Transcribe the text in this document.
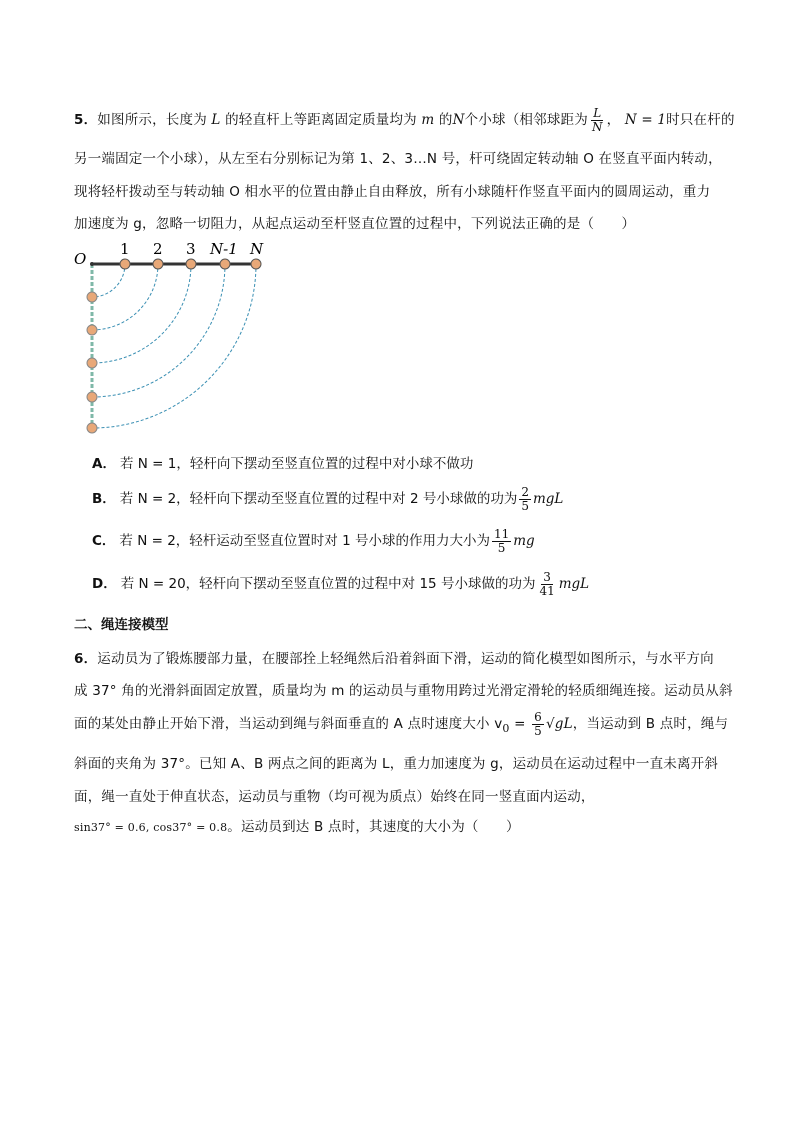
5．如图所示，长度为 L 的轻直杆上等距离固定质量均为 m 的N个小球（相邻球距为 $\frac{L}{N}$ ， N = 1时只在杆的
另一端固定一个小球），从左至右分别标记为第 1、2、3…N 号，杆可绕固定转动轴 O 在竖直平面内转动，
现将轻杆拨动至与转动轴 O 相水平的位置由静止自由释放，所有小球随杆作竖直平面内的圆周运动，重力
加速度为 g，忽略一切阻力，从起点运动至杆竖直位置的过程中，下列说法正确的是（　　）
O
1 2 3 N-1 N
A． 若 N = 1，轻杆向下摆动至竖直位置的过程中对小球不做功
B． 若 N = 2，轻杆向下摆动至竖直位置的过程中对 2 号小球做的功为 $\frac{2}{5}$ mgL
C． 若 N = 2，轻杆运动至竖直位置时对 1 号小球的作用力大小为 $\frac{11}{5}$ mg
D． 若 N = 20，轻杆向下摆动至竖直位置的过程中对 15 号小球做的功为 $\frac{3}{41}$ mgL
二、绳连接模型
6．运动员为了锻炼腰部力量，在腰部拴上轻绳然后沿着斜面下滑，运动的简化模型如图所示，与水平方向
成 37° 角的光滑斜面固定放置，质量均为 m 的运动员与重物用跨过光滑定滑轮的轻质细绳连接。运动员从斜
面的某处由静止开始下滑，当运动到绳与斜面垂直的 A 点时速度大小 $v_0 = \frac{6}{5} √gL$，当运动到 B 点时，绳与
斜面的夹角为 37°。已知 A、B 两点之间的距离为 L，重力加速度为 g，运动员在运动过程中一直未离开斜
面，绳一直处于伸直状态，运动员与重物（均可视为质点）始终在同一竖直面内运动，
sin37° = 0.6, cos37° = 0.8。运动员到达 B 点时，其速度的大小为（　　）
